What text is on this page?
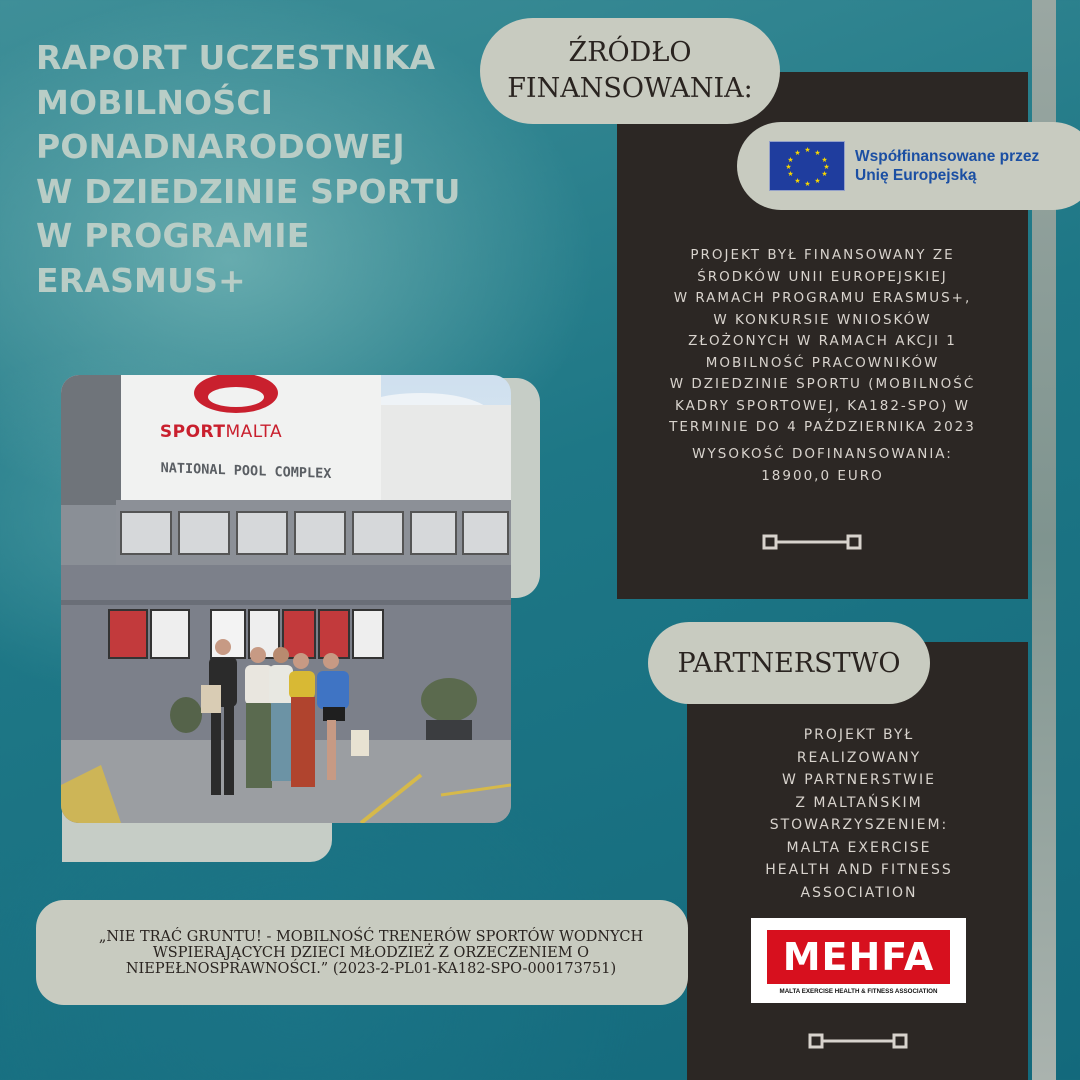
RAPORT UCZESTNIKA
MOBILNOŚCI
PONADNARODOWEJ
W DZIEDZINIE SPORTU
W PROGRAMIE
ERASMUS+
SPORTMALTA
NATIONAL POOL COMPLEX
ŹRÓDŁO
FINANSOWANIA:
★ ★
★
★
★
★
★
★
★
★
★
★	Współfinansowane przez
Unię Europejską
PROJEKT BYŁ FINANSOWANY ZE
ŚRODKÓW UNII EUROPEJSKIEJ
W RAMACH PROGRAMU ERASMUS+,
W KONKURSIE WNIOSKÓW
ZŁOŻONYCH W RAMACH AKCJI 1
MOBILNOŚĆ PRACOWNIKÓW
W DZIEDZINIE SPORTU (MOBILNOŚĆ
KADRY SPORTOWEJ, KA182-SPO) W
TERMINIE DO 4 PAŹDZIERNIKA 2023
WYSOKOŚĆ DOFINANSOWANIA:
18900,0 EURO
PARTNERSTWO
PROJEKT BYŁ
REALIZOWANY
W PARTNERSTWIE
Z MALTAŃSKIM
STOWARZYSZENIEM:
MALTA EXERCISE
HEALTH AND FITNESS
ASSOCIATION
MEHFA
MALTA EXERCISE HEALTH & FITNESS ASSOCIATION
„NIE TRAĆ GRUNTU! - MOBILNOŚĆ TRENERÓW SPORTÓW WODNYCH WSPIERAJĄCYCH DZIECI MŁODZIEŻ Z ORZECZENIEM O NIEPEŁNOSPRAWNOŚCI.” (2023-2-PL01-KA182-SPO-000173751)
